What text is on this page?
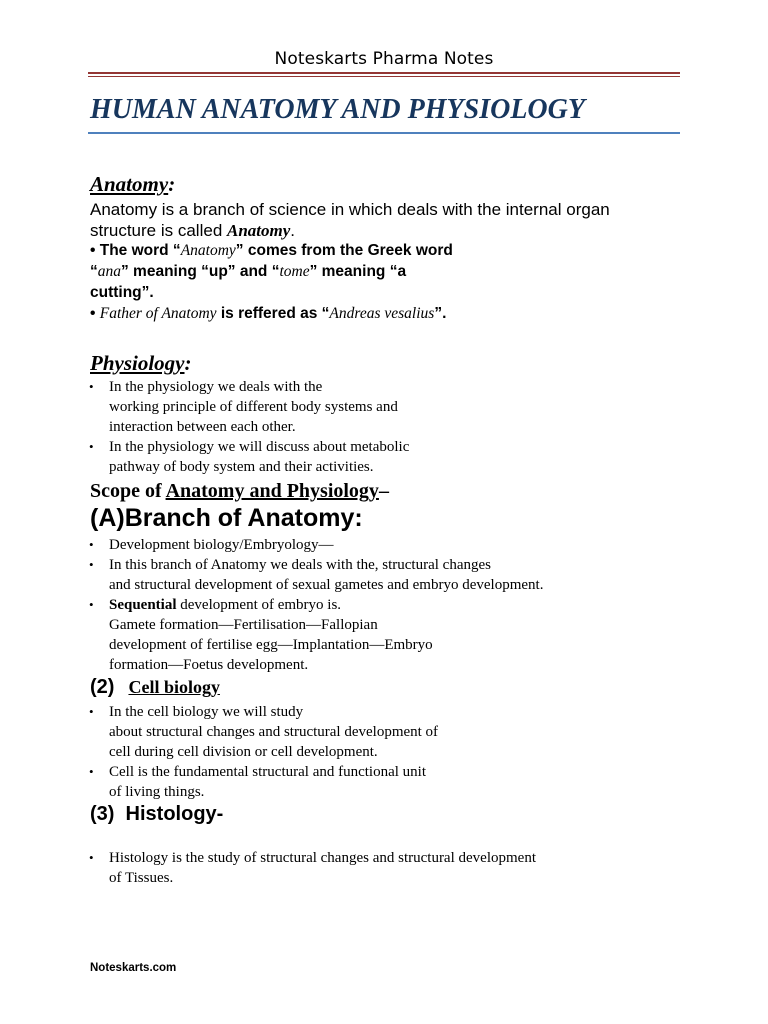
Noteskarts Pharma Notes
HUMAN ANATOMY AND PHYSIOLOGY
Anatomy:
Anatomy is a branch of science in which deals with the internal organ
structure is called Anatomy.
• The word “Anatomy” comes from the Greek word
“ana” meaning “up” and “tome” meaning “a
cutting”.
• Father of Anatomy is reffered as “Andreas vesalius”.
Physiology:
• In the physiology we deals with the
working principle of different body systems and
interaction between each other.
• In the physiology we will discuss about metabolic
pathway of body system and their activities.
Scope of Anatomy and Physiology–
(A)Branch of Anatomy:
• Development biology/Embryology—
• In this branch of Anatomy we deals with the, structural changes
and structural development of sexual gametes and embryo development.
• Sequential development of embryo is.
Gamete formation—Fertilisation—Fallopian
development of fertilise egg—Implantation—Embryo
formation—Foetus development.
(2) Cell biology
• In the cell biology we will study
about structural changes and structural development of
cell during cell division or cell development.
• Cell is the fundamental structural and functional unit
of living things.
(3)  Histology-
• Histology is the study of structural changes and structural development
of Tissues.
Noteskarts.com
